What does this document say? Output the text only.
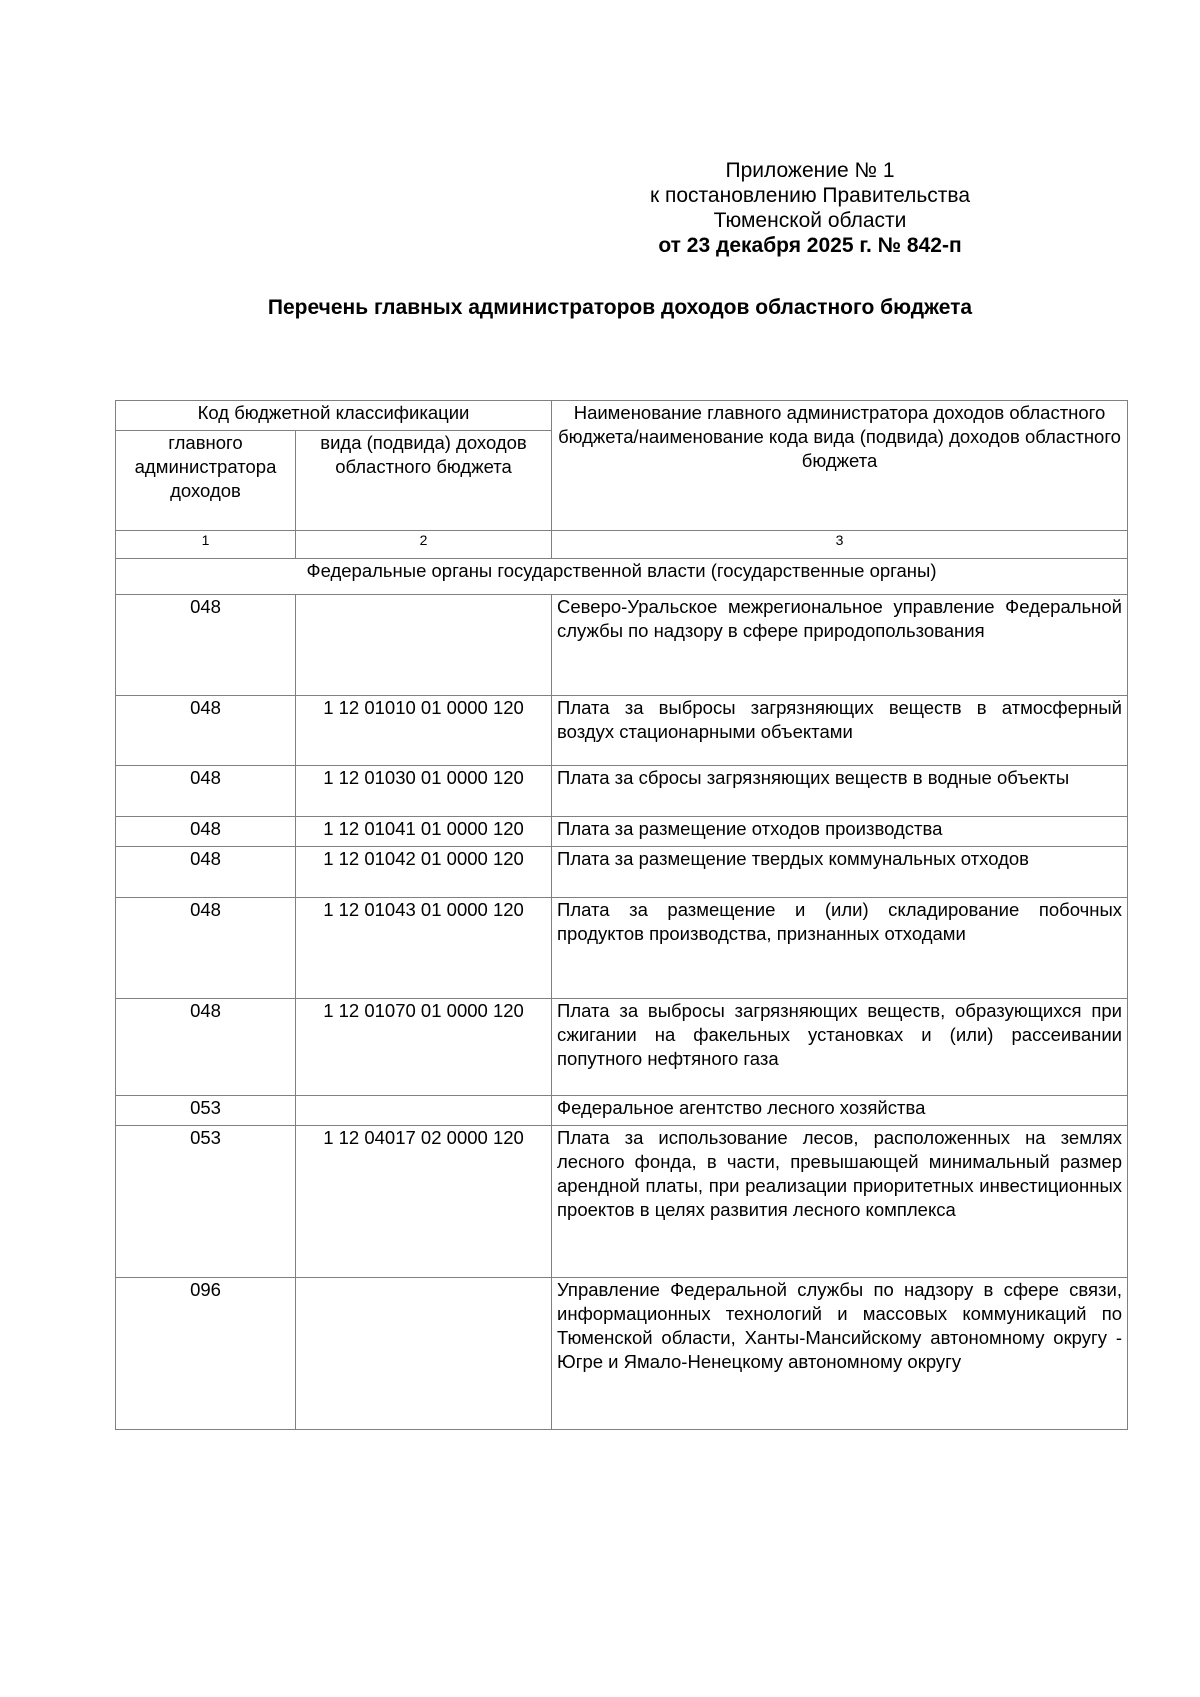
Приложение № 1
к постановлению Правительства
Тюменской области
от 23 декабря 2025 г. № 842-п
Перечень главных администраторов доходов областного бюджета
Код бюджетной классификации		Наименование главного администратора доходов областного бюджета/наименование кода вида (подвида) доходов областного бюджета
главного администратора доходов	вида (подвида) доходов областного бюджета	
1	2	3
Федеральные органы государственной власти (государственные органы)		
048		Северо-Уральское межрегиональное управление Федеральной службы по надзору в сфере природопользования
048	1 12 01010 01 0000 120	Плата за выбросы загрязняющих веществ в атмосферный воздух стационарными объектами
048	1 12 01030 01 0000 120	Плата за сбросы загрязняющих веществ в водные объекты
048	1 12 01041 01 0000 120	Плата за размещение отходов производства
048	1 12 01042 01 0000 120	Плата за размещение твердых коммунальных отходов
048	1 12 01043 01 0000 120	Плата за размещение и (или) складирование побочных продуктов производства, признанных отходами
048	1 12 01070 01 0000 120	Плата за выбросы загрязняющих веществ, образующихся при сжигании на факельных установках и (или) рассеивании попутного нефтяного газа
053		Федеральное агентство лесного хозяйства
053	1 12 04017 02 0000 120	Плата за использование лесов, расположенных на землях лесного фонда, в части, превышающей минимальный размер арендной платы, при реализации приоритетных инвестиционных проектов в целях развития лесного комплекса
096		Управление Федеральной службы по надзору в сфере связи, информационных технологий и массовых коммуникаций по Тюменской области, Ханты-Мансийскому автономному округу - Югре и Ямало-Ненецкому автономному округу
